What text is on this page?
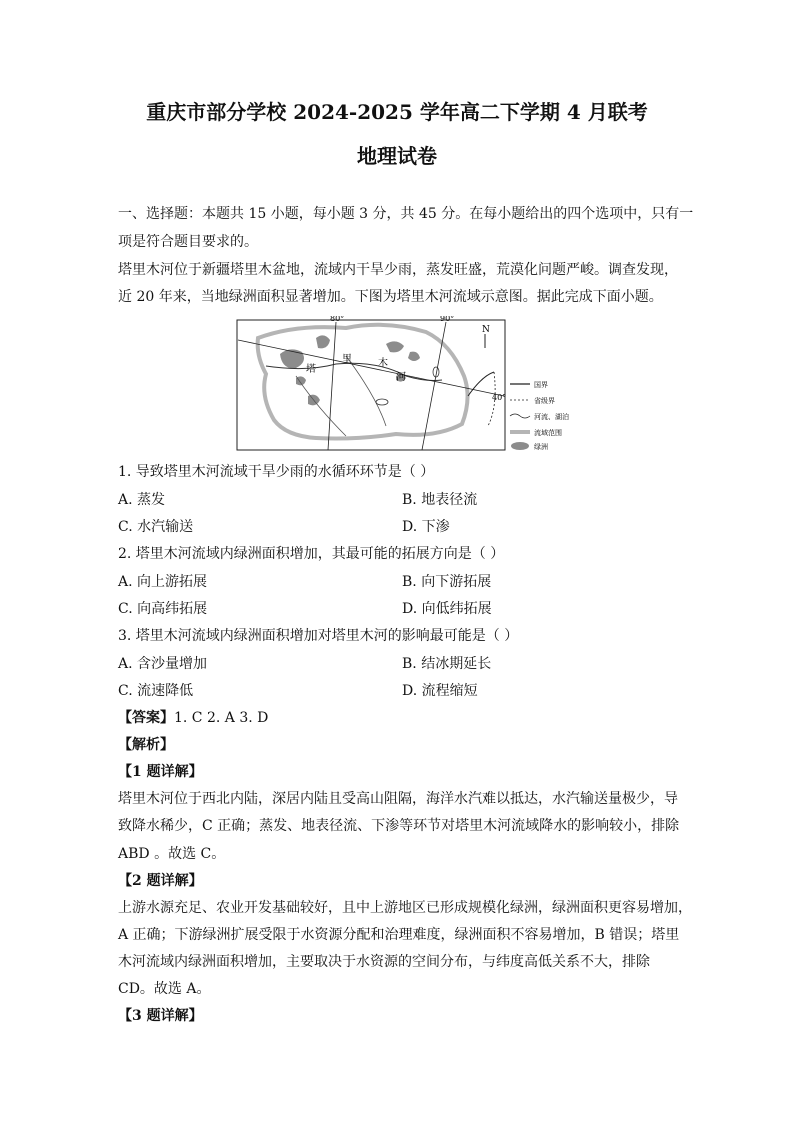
重庆市部分学校 2024-2025 学年高二下学期 4 月联考
地理试卷
一、选择题：本题共 15 小题，每小题 3 分，共 45 分。在每小题给出的四个选项中，只有一
项是符合题目要求的。
塔里木河位于新疆塔里木盆地，流域内干旱少雨，蒸发旺盛，荒漠化问题严峻。调查发现，
近 20 年来，当地绿洲面积显著增加。下图为塔里木河流域示意图。据此完成下面小题。
80°	90°
40°
N
塔
里	木
河
国界
省级界
河流、湖泊
流域范围
绿洲
1. 导致塔里木河流域干旱少雨的水循环环节是（ ）
A. 蒸发	B. 地表径流
C. 水汽输送	D. 下渗
2. 塔里木河流域内绿洲面积增加，其最可能的拓展方向是（ ）
A. 向上游拓展	B. 向下游拓展
C. 向高纬拓展	D. 向低纬拓展
3. 塔里木河流域内绿洲面积增加对塔里木河的影响最可能是（ ）
A. 含沙量增加	B. 结冰期延长
C. 流速降低	D. 流程缩短
【答案】1. C 2. A 3. D
【解析】
【1 题详解】
塔里木河位于西北内陆，深居内陆且受高山阻隔，海洋水汽难以抵达，水汽输送量极少，导
致降水稀少，C 正确；蒸发、地表径流、下渗等环节对塔里木河流域降水的影响较小，排除
ABD 。故选 C。
【2 题详解】
上游水源充足、农业开发基础较好，且中上游地区已形成规模化绿洲，绿洲面积更容易增加，
A 正确；下游绿洲扩展受限于水资源分配和治理难度，绿洲面积不容易增加，B 错误；塔里
木河流域内绿洲面积增加，主要取决于水资源的空间分布，与纬度高低关系不大，排除
CD。故选 A。
【3 题详解】
